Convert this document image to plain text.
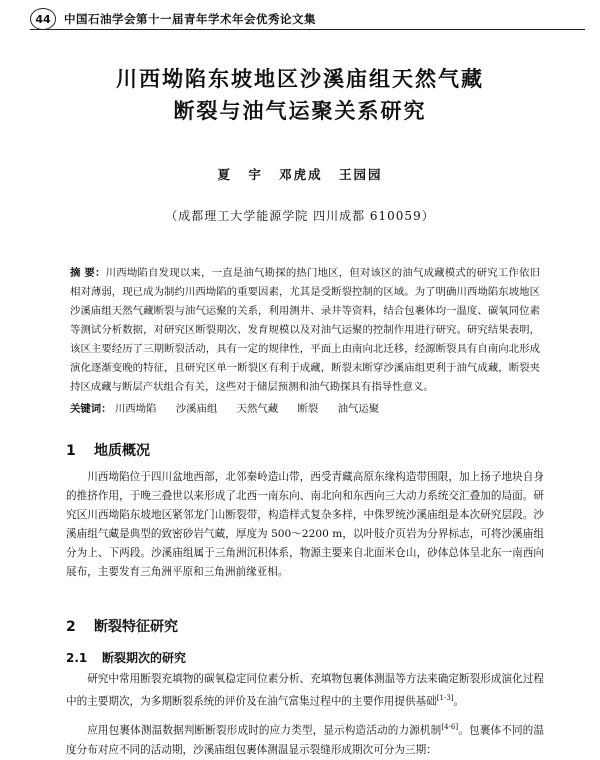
44	中国石油学会第十一届青年学术年会优秀论文集
川西坳陷东坡地区沙溪庙组天然气藏
断裂与油气运聚关系研究
夏 宇 邓虎成 王园园
（成都理工大学能源学院 四川成都 610059）
摘 要：川西坳陷自发现以来，一直是油气勘探的热门地区，但对该区的油气成藏模式的研究工作依旧相对薄弱，现已成为制约川西坳陷的重要因素，尤其是受断裂控制的区域。为了明确川西坳陷东坡地区沙溪庙组天然气藏断裂与油气运聚的关系，利用测井、录井等资料，结合包裹体均一温度、碳氧同位素等测试分析数据，对研究区断裂期次、发育规模以及对油气运聚的控制作用进行研究。研究结果表明，该区主要经历了三期断裂活动，具有一定的规律性，平面上由南向北迁移，经源断裂具有自南向北形成演化逐渐变晚的特征，且研究区单一断裂区有利于成藏，断裂末断穿沙溪庙组更利于油气成藏，断裂夹持区成藏与断层产状组合有关，这些对于储层预测和油气勘探具有指导性意义。
关键词： 川西坳陷 沙溪庙组 天然气藏 断裂 油气运聚
1 地质概况
川西坳陷位于四川盆地西部，北邻秦岭造山带，西受青藏高原东缘构造带围限，加上扬子地块自身的推挤作用，于晚三叠世以来形成了北西一南东向、南北向和东西向三大动力系统交汇叠加的局面。研究区川西坳陷东坡地区紧邻龙门山断裂带，构造样式复杂多样，中侏罗统沙溪庙组是本次研究层段。沙溪庙组气藏是典型的致密砂岩气藏，厚度为 500～2200 m，以叶肢介页岩为分界标志，可将沙溪庙组分为上、下两段。沙溪庙组属于三角洲沉积体系，物源主要来自北面米仓山，砂体总体呈北东一南西向展布，主要发育三角洲平原和三角洲前缘亚相。
2 断裂特征研究
2.1 断裂期次的研究
研究中常用断裂充填物的碳氧稳定同位素分析、充填物包裹体测温等方法来确定断裂形成演化过程中的主要期次，为多期断裂系统的评价及在油气富集过程中的主要作用提供基础[1-3]。
应用包裹体测温数据判断断裂形成时的应力类型，显示构造活动的力源机制[4-6]。包裹体不同的温度分布对应不同的活动期，沙溪庙组包裹体测温显示裂缝形成期次可分为三期：
